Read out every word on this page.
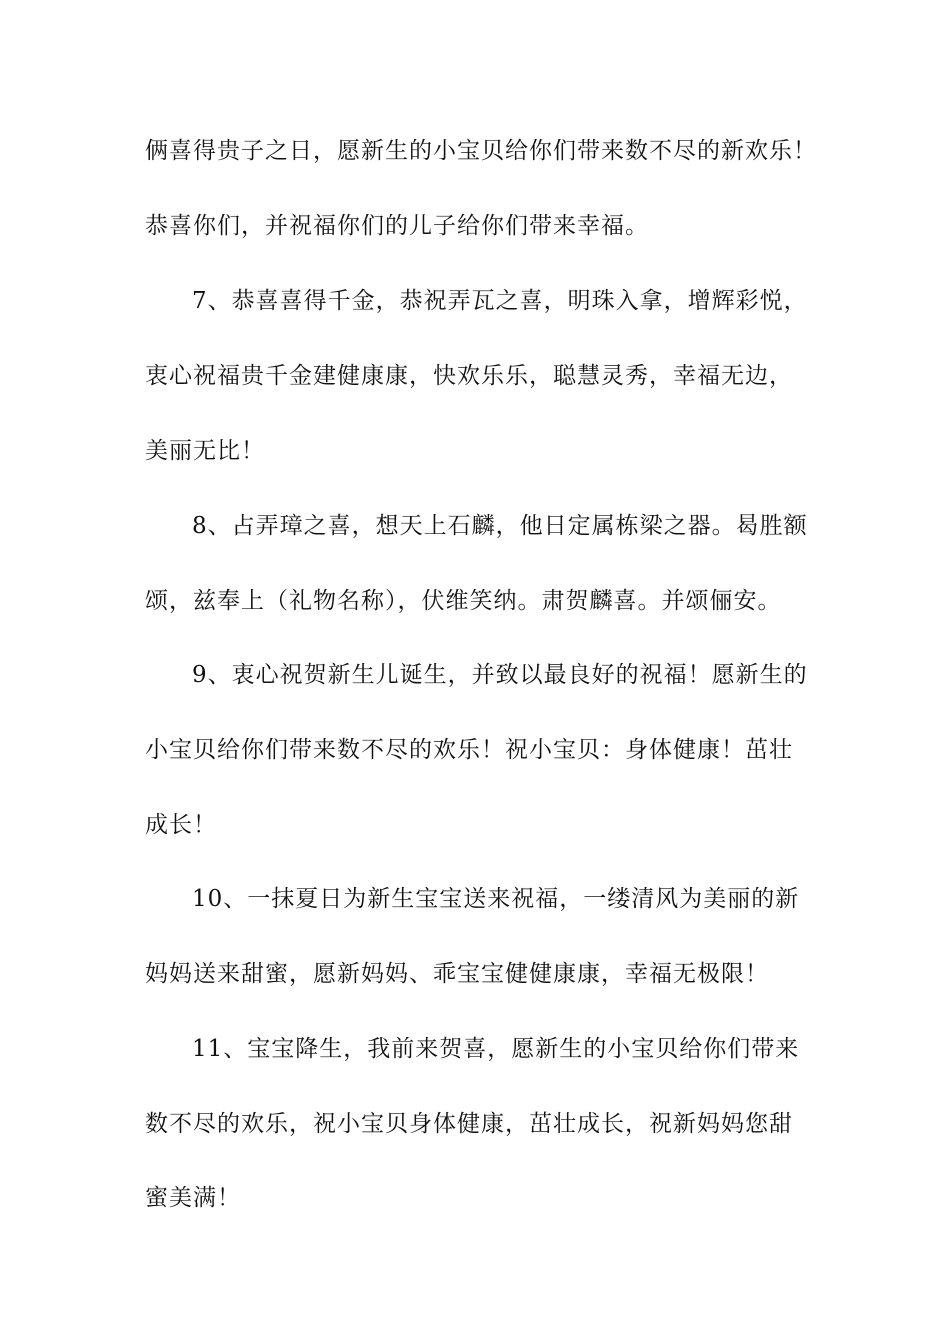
俩喜得贵子之日，愿新生的小宝贝给你们带来数不尽的新欢乐！
恭喜你们，并祝福你们的儿子给你们带来幸福。
7、恭喜喜得千金，恭祝弄瓦之喜，明珠入拿，增辉彩悦，
衷心祝福贵千金建健康康，快欢乐乐，聪慧灵秀，幸福无边，
美丽无比！
8、占弄璋之喜，想天上石麟，他日定属栋梁之器。曷胜额
颂，兹奉上（礼物名称），伏维笑纳。肃贺麟喜。并颂俪安。
9、衷心祝贺新生儿诞生，并致以最良好的祝福！愿新生的
小宝贝给你们带来数不尽的欢乐！祝小宝贝：身体健康！茁壮
成长！
10、一抹夏日为新生宝宝送来祝福，一缕清风为美丽的新
妈妈送来甜蜜，愿新妈妈、乖宝宝健健康康，幸福无极限！
11、宝宝降生，我前来贺喜，愿新生的小宝贝给你们带来
数不尽的欢乐，祝小宝贝身体健康，茁壮成长，祝新妈妈您甜
蜜美满！
